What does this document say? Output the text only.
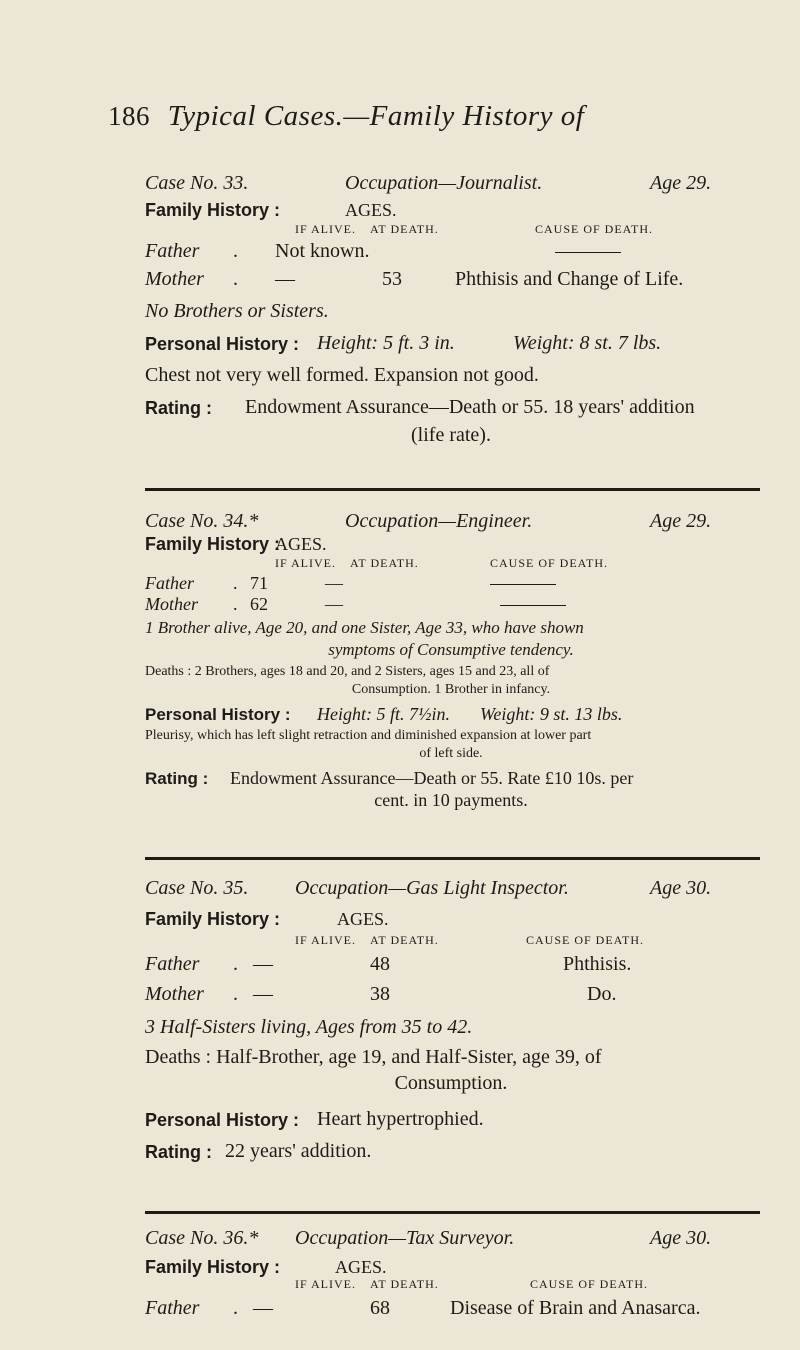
186 Typical Cases.—Family History of
Case No. 33.	Occupation—Journalist.	Age 29.
Family History :	AGES.
IF ALIVE. AT DEATH.	CAUSE OF DEATH.
Father . Not known.
Mother . —	53	Phthisis and Change of Life.
No Brothers or Sisters.
Personal History : Height: 5 ft. 3 in.	Weight: 8 st. 7 lbs.
Chest not very well formed. Expansion not good.
Rating : Endowment Assurance—Death or 55. 18 years' addition
(life rate).
Case No. 34.*	Occupation—Engineer.	Age 29.
Family History :
AGES.
IF ALIVE. AT DEATH.	CAUSE OF DEATH.
Father . 71	—
Mother . 62	—
1 Brother alive, Age 20, and one Sister, Age 33, who have shown
symptoms of Consumptive tendency.
Deaths : 2 Brothers, ages 18 and 20, and 2 Sisters, ages 15 and 23, all of
Consumption. 1 Brother in infancy.
Personal History : Height: 5 ft. 7½in. Weight: 9 st. 13 lbs.
Pleurisy, which has left slight retraction and diminished expansion at lower part
of left side.
Rating : Endowment Assurance—Death or 55. Rate £10 10s. per
cent. in 10 payments.
Case No. 35. Occupation—Gas Light Inspector.	Age 30.
Family History :	AGES.
IF ALIVE. AT DEATH.	CAUSE OF DEATH.
Father . —	48	Phthisis.
Mother . —	38	Do.
3 Half-Sisters living, Ages from 35 to 42.
Deaths : Half-Brother, age 19, and Half-Sister, age 39, of
Consumption.
Personal History : Heart hypertrophied.
Rating : 22 years' addition.
Case No. 36.* Occupation—Tax Surveyor.	Age 30.
Family History :	AGES.
IF ALIVE. AT DEATH.	CAUSE OF DEATH.
Father . —	68	Disease of Brain and Anasarca.
